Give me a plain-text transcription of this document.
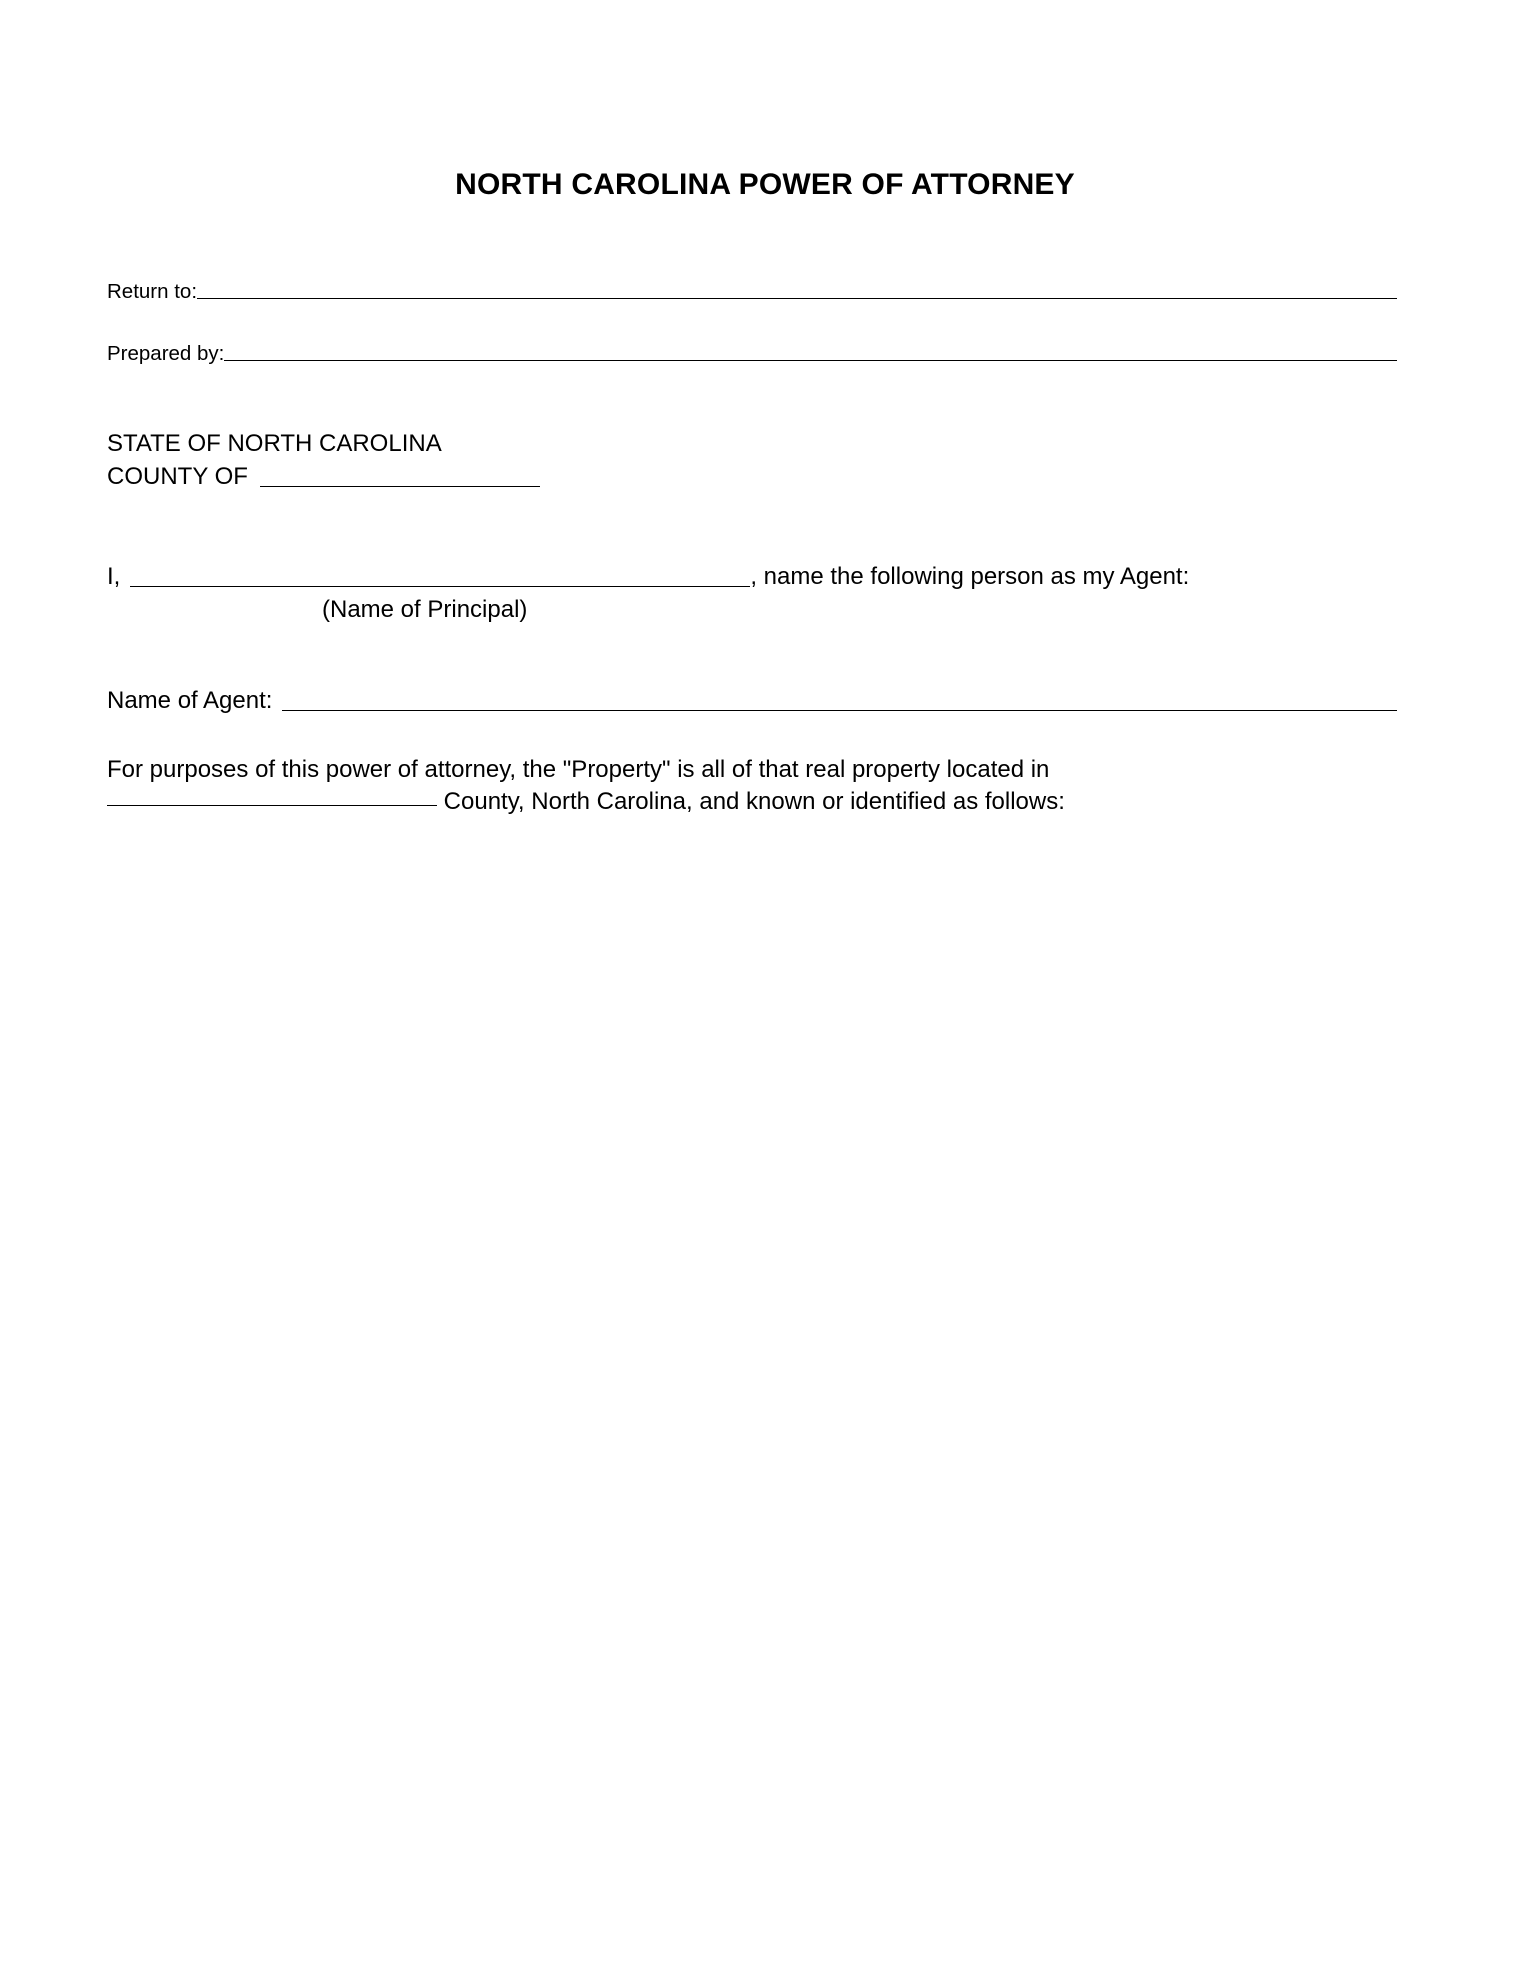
NORTH CAROLINA POWER OF ATTORNEY
Return to:
Prepared by:
STATE OF NORTH CAROLINA
COUNTY OF
I,	, name the following person as my Agent:
(Name of Principal)
Name of Agent:
For purposes of this power of attorney, the "Property" is all of that real property located in
County, North Carolina, and known or identified as follows:
